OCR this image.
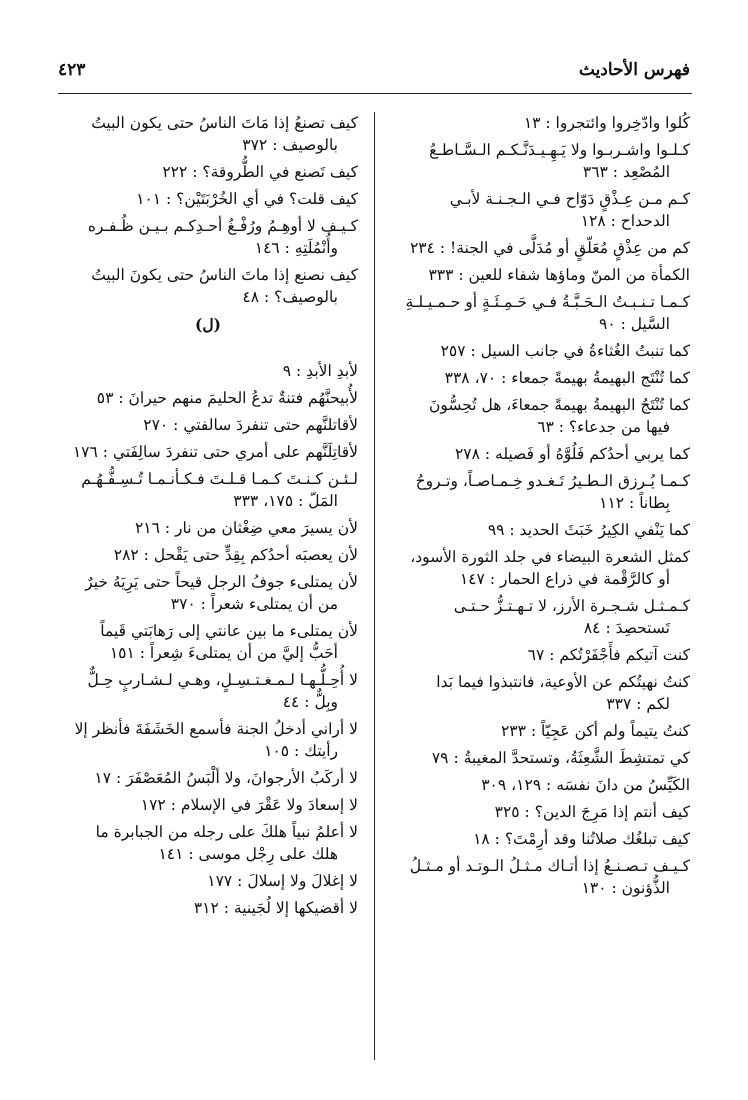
فهرس الأحاديث
٤٢٣
كُلوا وادّخِروا وائتجروا : ١٣
كـلـوا واشـربـوا ولا يَـهِـيـدَنَّـكـم الـسَّـاطـعُ
المُصْعِد : ٣٦٣
كـم مـن عِـذْقٍ دَوّاح فـي الـجـنـة لأبـي
الدحداح : ١٢٨
كم من عِذْقٍ مُعَلّقٍ أو مُدَلَّى في الجنة! : ٢٣٤
الكمأة من المنّ وماؤها شفاء للعين : ٣٣٣
كـمـا تـنـبـتُ الـحَـبَّـةُ فـي حَـمِـئَـةٍ أو حـمـيـلـةِ
السَّيل : ٩٠
كما تنبتُ الغُثاءةُ في جانب السيل : ٢٥٧
كما تُنْتَج البهيمةُ بهيمةً جمعاء : ٧٠، ٣٣٨
كما تُنْتَجُ البهيمةُ بهيمةً جمعاءَ، هل تُحِسُّونَ
فيها من جدعاء؟ : ٦٣
كما يربي أحدُكم فَلُوَّهُ أو فَصيله : ٢٧٨
كـمـا يُـرزق الـطـيرُ تَـغـدو خِـمـاصـاً، وتـروحُ
بِطاناً : ١١٢
كما يَنْفي الكِيرُ خَبَثَ الحديد : ٩٩
كمثل الشعرة البيضاء في جلد الثورة الأسود،
أو كالرَّقْمة في ذراع الحمار : ١٤٧
كـمـثـل شـجـرة الأرز، لا تـهـتـزُّ حـتـى
تَستحصِدَ : ٨٤
كنت آتيكم فأَجْفَرْتُكم : ٦٧
كنتُ نهيتُكم عن الأوعية، فانتبذوا فيما بَدا
لكم : ٣٣٧
كنتُ يتيماً ولم أكن عَجِيّاً : ٢٣٣
كي تمتشِطَ الشَّعِثَةُ، وتستحدَّ المغيبةُ : ٧٩
الكَيِّسُ من دانَ نفسَه : ١٢٩، ٣٠٩
كيف أنتم إذا مَرِجَ الدين؟ : ٣٢٥
كيف تبلغُك صلاتُنا وقد أرِمْتَ؟ : ١٨
كـيـف تـصـنـعُ إذا أتـاك مـثـلُ الـوتـد أو مـثـلُ
الذُّؤنون : ١٣٠
كيف تصنعُ إذا مَاتَ الناسُ حتى يكون البيتُ
بالوصيف : ٣٧٢
كيف تَصنع في الطُّروقة؟ : ٢٢٢
كيف قلت؟ في أي الخُرْبَتَيْن؟ : ١٠١
كـيـف لا أوهِـمُ ورُفْـغُ أحـدِكـم بـيـن ظُـفـره
وأُنْمُلَتِهِ : ١٤٦
كيف نصنع إذا ماتَ الناسُ حتى يكونَ البيتُ
بالوصيف؟ : ٤٨
(ل)
لأبدِ الأبدِ : ٩
لأُبيحنَّهُم فتنةٌ تدعُ الحليمَ منهم حيرانَ : ٥٣
لأقاتلنَّهم حتى تنفردَ سالفتي : ٢٧٠
لأقاتِلَنَّهم على أمري حتى تنفردَ سالِفَتي : ١٧٦
لـئـن كـنـتَ كـمـا قـلـتَ فـكـأنـمـا تُـسِـفُّـهُـم
المَلّ : ١٧٥، ٣٣٣
لأن يسيرَ معي ضِغْثان من نار : ٢١٦
لأن يعصبَه أحدُكم بِقِدٍّ حتى يَقْحل : ٢٨٢
لأن يمتلىء جوفُ الرجل قيحاً حتى يَرِيَهُ خيرٌ
من أن يمتلىء شعراً : ٣٧٠
لأن يمتلىء ما بين عانتي إلى رَهابَتي قَيماً
أحَبُّ إليَّ من أن يمتلىءَ شِعراً : ١٥١
لا أُحِـلُّـهـا لـمـغـتـسِـلٍ، وهـي لـشـاربٍ حِـلٌّ
وبِلٌّ : ٤٤
لا أراني أدخلُ الجنة فأسمع الخَشَفَةَ فأنظر إلا
رأيتك : ١٠٥
لا أركَبُ الأرجوانَ، ولا ألْبَسُ المُعَصْفَرَ : ١٧
لا إسعادَ ولا عَقْرَ في الإسلام : ١٧٢
لا أعلمُ نبياً هلكَ على رجله من الجبابرة ما
هلك على رِجْل موسى : ١٤١
لا إغلالَ ولا إسلالَ : ١٧٧
لا أقضيكها إلا لُجَينية : ٣١٢
